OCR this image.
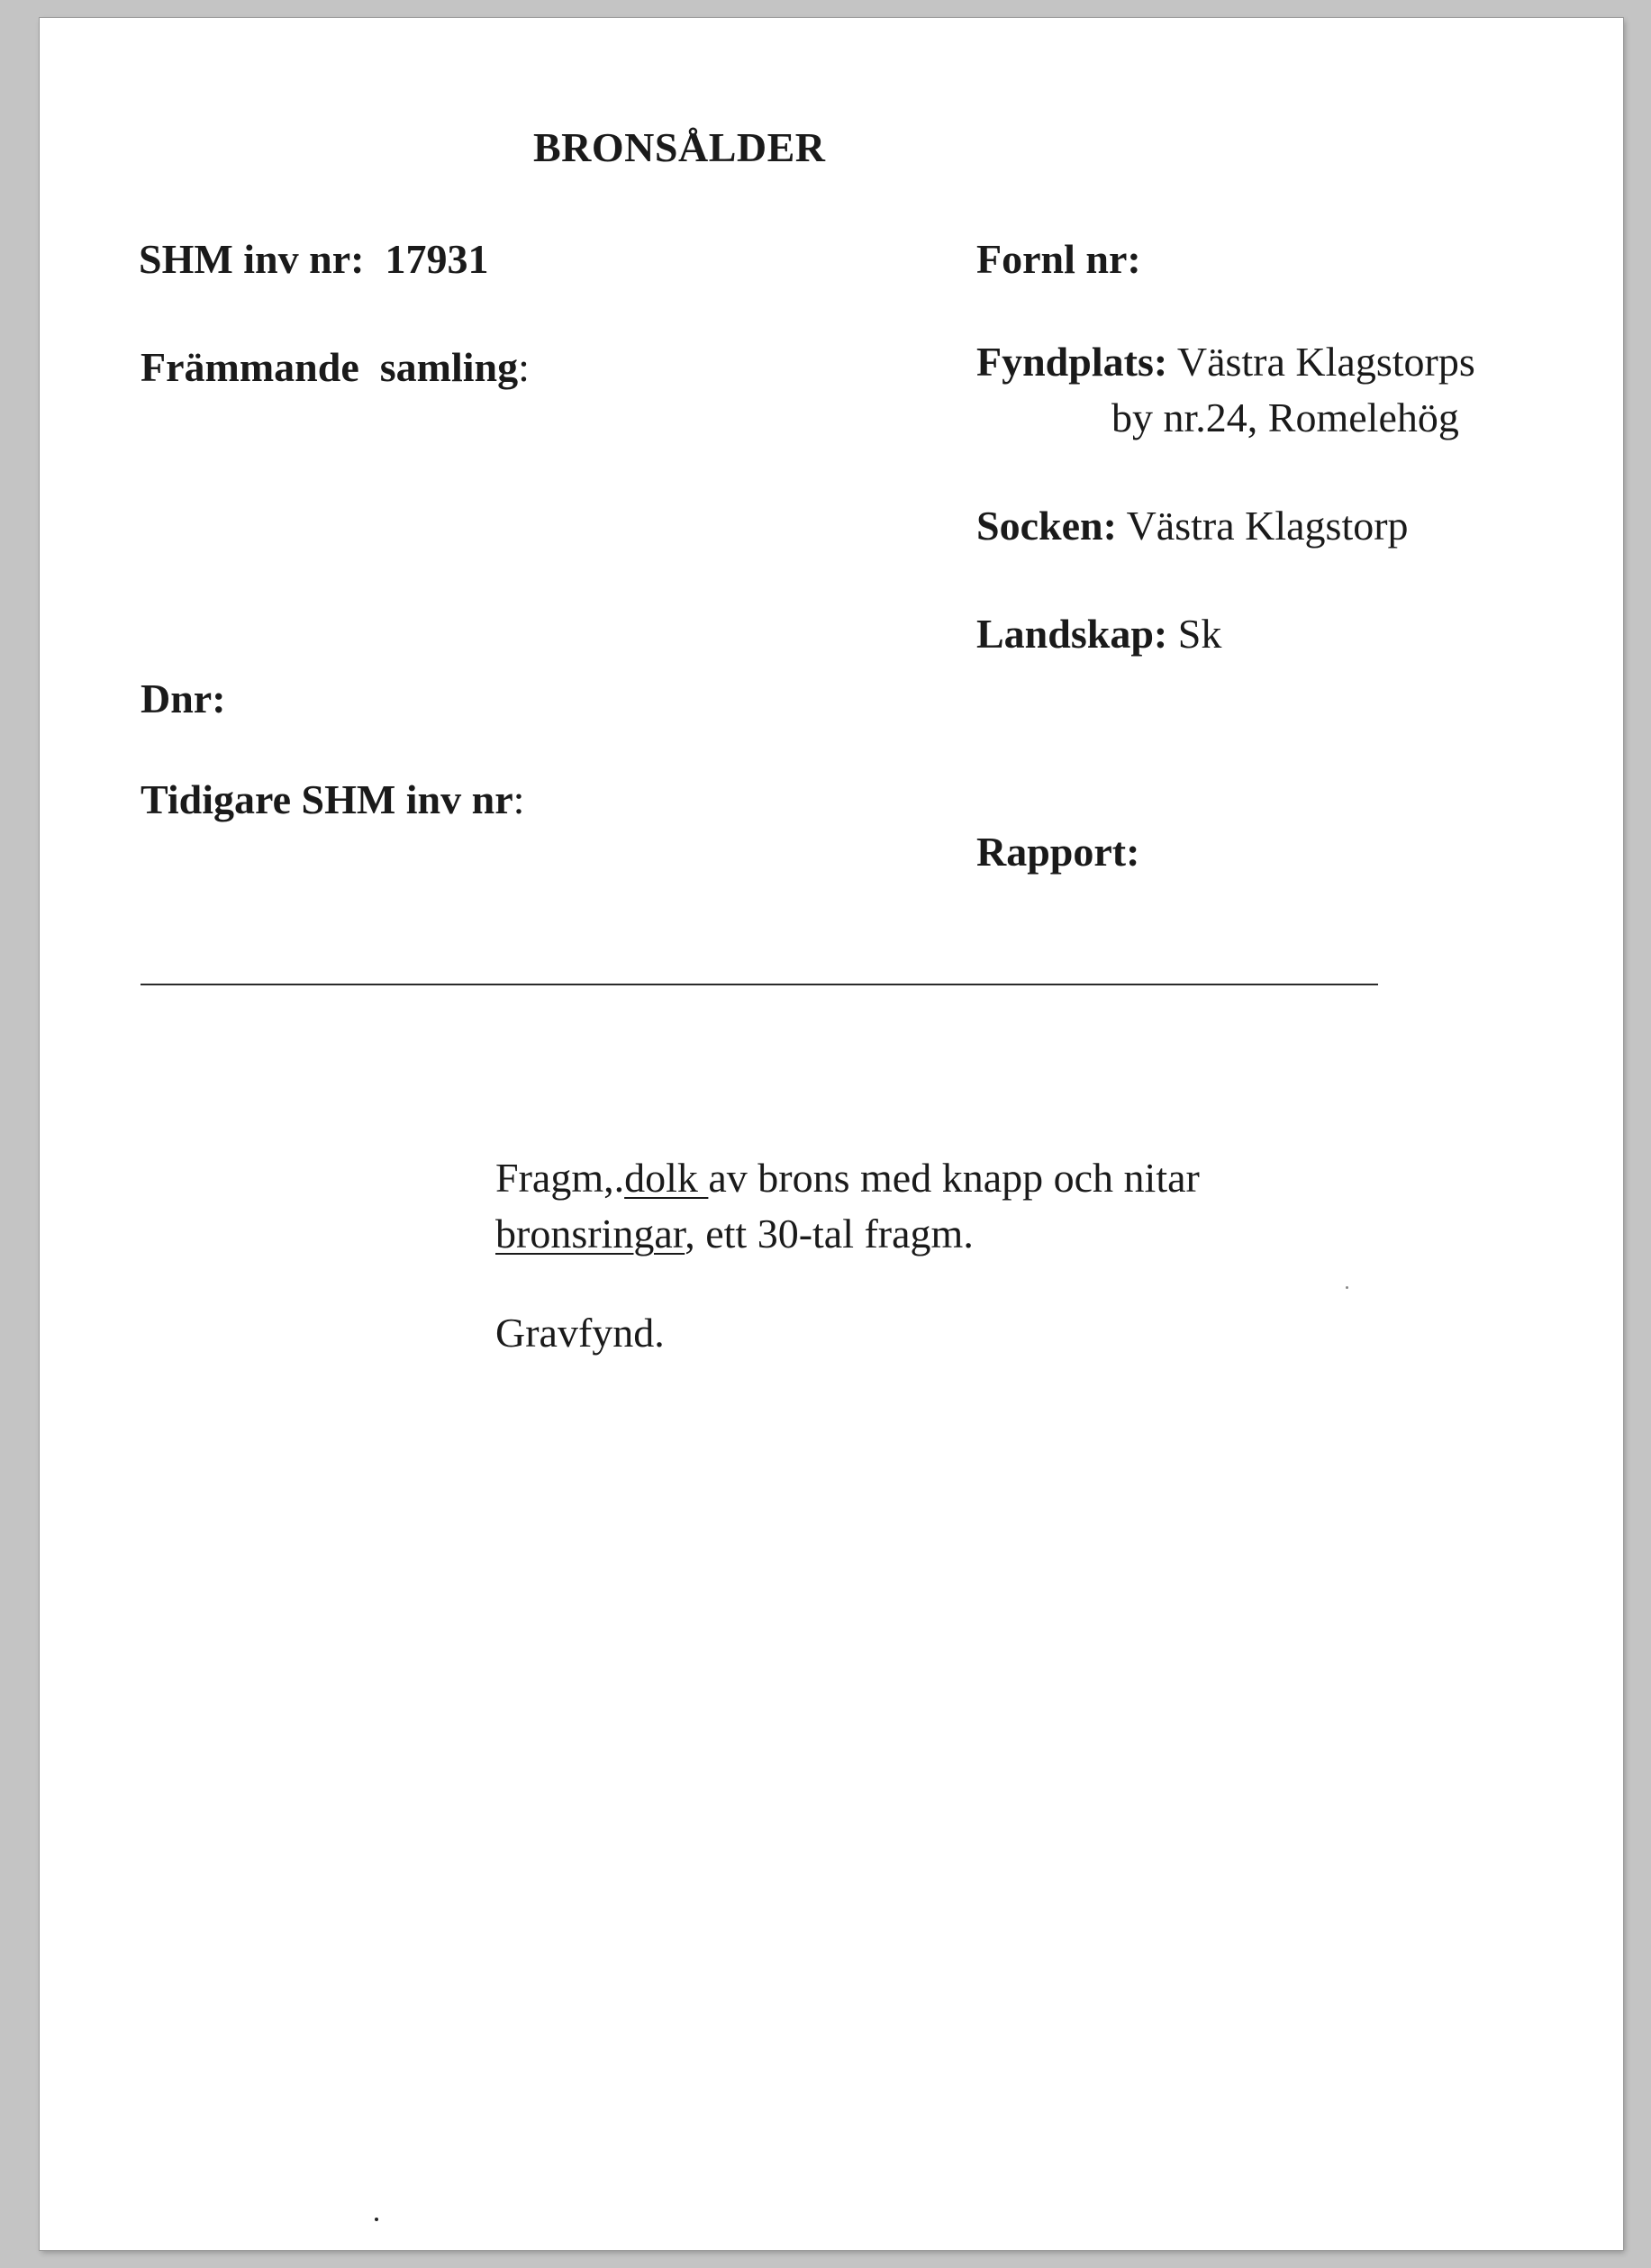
BRONSÅLDER
SHM inv nr: 17931
Främmande  samling:
Dnr:
Tidigare SHM inv nr:
Fornl nr:
Fyndplats: Västra Klagstorps
by nr.24, Romelehög
Socken: Västra Klagstorp
Landskap: Sk
Rapport:
Fragm,.dolk av brons med knapp och nitar
bronsringar, ett 30-tal fragm.
Gravfynd.
